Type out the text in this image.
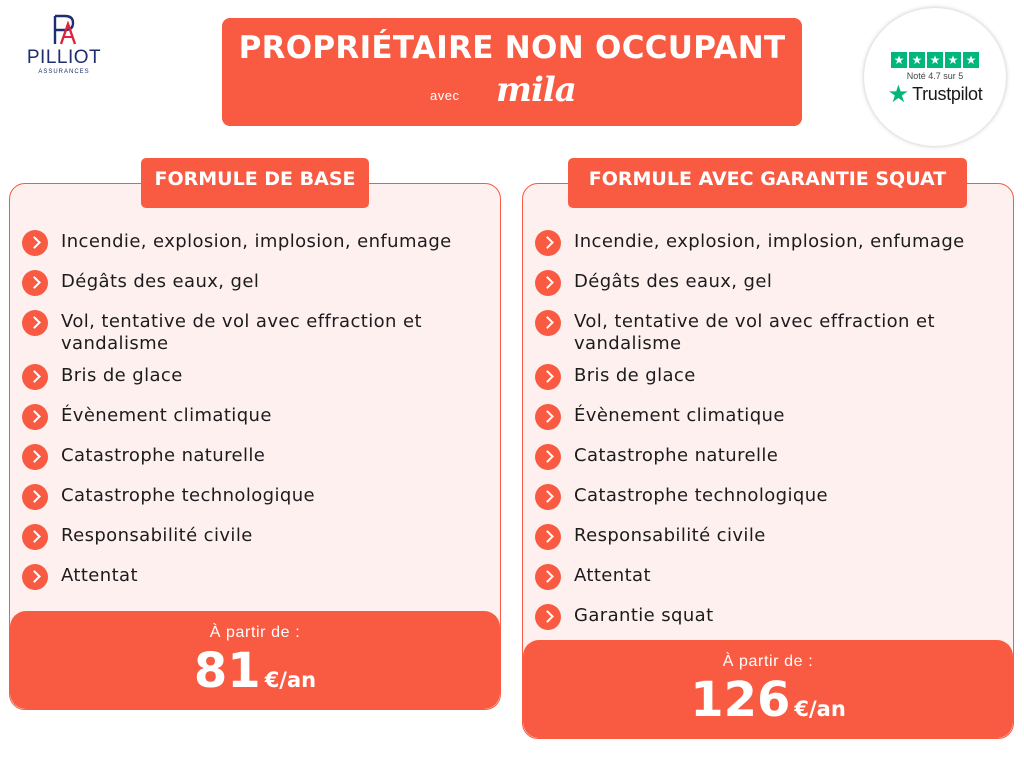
PILLIOT
ASSURANCES
PROPRIÉTAIRE NON OCCUPANT
avec mila
★ ★ ★ ★ ★
Noté 4.7 sur 5
★ Trustpilot
Incendie, explosion, implosion, enfumage
Dégâts des eaux, gel
Vol, tentative de vol avec effraction et vandalisme
Bris de glace
Évènement climatique
Catastrophe naturelle
Catastrophe technologique
Responsabilité civile
Attentat
À partir de :
81 €/an
FORMULE DE BASE
Incendie, explosion, implosion, enfumage
Dégâts des eaux, gel
Vol, tentative de vol avec effraction et vandalisme
Bris de glace
Évènement climatique
Catastrophe naturelle
Catastrophe technologique
Responsabilité civile
Attentat
Garantie squat
À partir de :
126 €/an
FORMULE AVEC GARANTIE SQUAT
